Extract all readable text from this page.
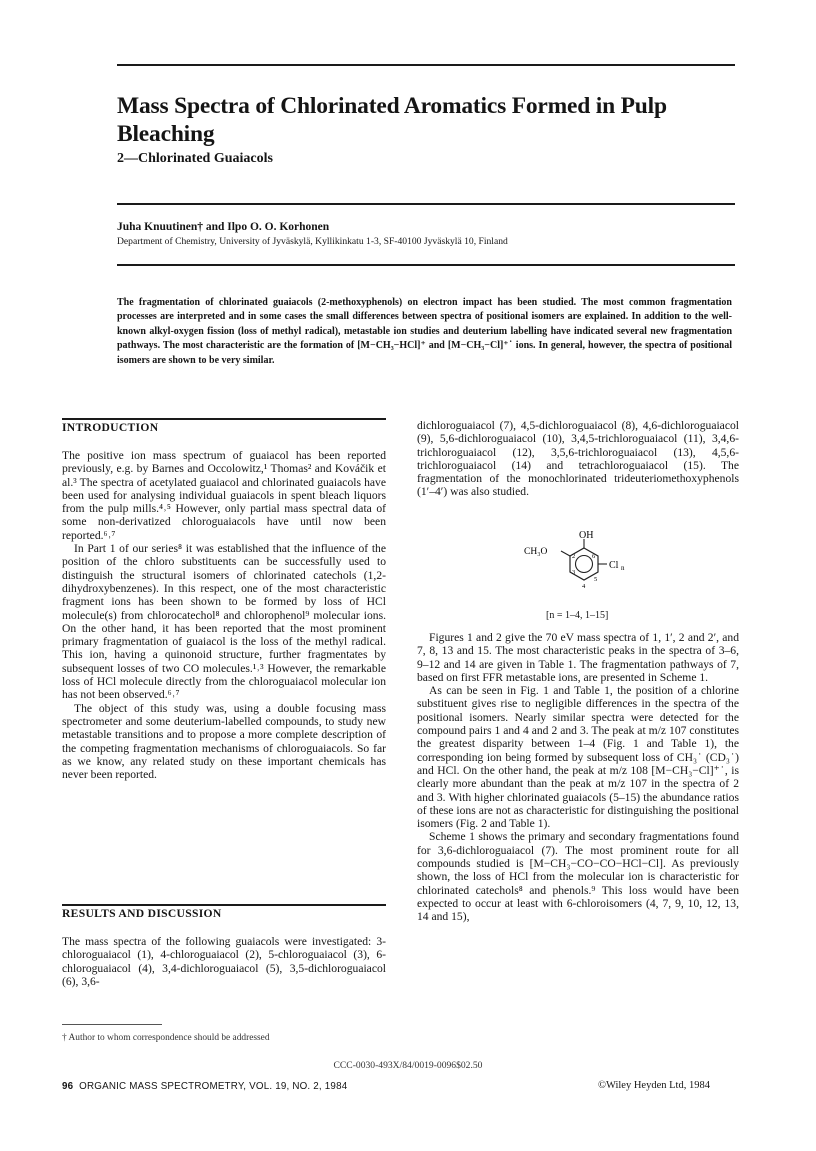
Mass Spectra of Chlorinated Aromatics Formed in Pulp Bleaching
2—Chlorinated Guaiacols
Juha Knuutinen† and Ilpo O. O. Korhonen
Department of Chemistry, University of Jyväskylä, Kyllikinkatu 1-3, SF-40100 Jyväskylä 10, Finland
The fragmentation of chlorinated guaiacols (2-methoxyphenols) on electron impact has been studied. The most common fragmentation processes are interpreted and in some cases the small differences between spectra of positional isomers are explained. In addition to the well-known alkyl-oxygen fission (loss of methyl radical), metastable ion studies and deuterium labelling have indicated several new fragmentation pathways. The most characteristic are the formation of [M−CH₃−HCl]⁺ and [M−CH₃−Cl]⁺˙ ions. In general, however, the spectra of positional isomers are shown to be very similar.
INTRODUCTION

The positive ion mass spectrum of guaiacol has been reported previously, e.g. by Barnes and Occolowitz,¹ Thomas² and Kováčik et al.³ The spectra of acetylated guaiacol and chlorinated guaiacols have been used for analysing individual guaiacols in spent bleach liquors from the pulp mills.⁴˒⁵ However, only partial mass spectral data of some non-derivatized chloroguaiacols have until now been reported.⁶˒⁷

In Part 1 of our series⁸ it was established that the influence of the position of the chloro substituents can be successfully used to distinguish the structural isomers of chlorinated catechols (1,2-dihydroxybenzenes). In this respect, one of the most characteristic fragment ions has been shown to be formed by loss of HCl molecule(s) from chlorocatechol⁸ and chlorophenol⁹ molecular ions. On the other hand, it has been reported that the most prominent primary fragmentation of guaiacol is the loss of the methyl radical. This ion, having a quinonoid structure, further fragmentates by subsequent losses of two CO molecules.¹˒³ However, the remarkable loss of HCl molecule directly from the chloroguaiacol molecular ion has not been observed.⁶˒⁷

The object of this study was, using a double focusing mass spectrometer and some deuterium-labelled compounds, to study new metastable transitions and to propose a more complete description of the competing fragmentation mechanisms of chloroguaiacols. So far as we know, any related study on these important chemicals has never been reported.

RESULTS AND DISCUSSION

The mass spectra of the following guaiacols were investigated: 3-chloroguaiacol (1), 4-chloroguaiacol (2), 5-chloroguaiacol (3), 6-chloroguaiacol (4), 3,4-dichloroguaiacol (5), 3,5-dichloroguaiacol (6), 3,6-

† Author to whom correspondence should be addressed

dichloroguaiacol (7), 4,5-dichloroguaiacol (8), 4,6-dichloroguaiacol (9), 5,6-dichloroguaiacol (10), 3,4,5-trichloroguaiacol (11), 3,4,6-trichloroguaiacol (12), 3,5,6-trichloroguaiacol (13), 4,5,6-trichloroguaiacol (14) and tetrachloroguaiacol (15). The fragmentation of the monochlorinated trideuteriomethoxyphenols (1′–4′) was also studied.

OH
CH₃O
Cl n
2
3
4
5
6
[n = 1–4, 1–15]

Figures 1 and 2 give the 70 eV mass spectra of 1, 1′, 2 and 2′, and 7, 8, 13 and 15. The most characteristic peaks in the spectra of 3–6, 9–12 and 14 are given in Table 1. The fragmentation pathways of 7, based on first FFR metastable ions, are presented in Scheme 1.

As can be seen in Fig. 1 and Table 1, the position of a chlorine substituent gives rise to negligible differences in the spectra of the positional isomers. Nearly similar spectra were detected for the compound pairs 1 and 4 and 2 and 3. The peak at m/z 107 constitutes the greatest disparity between 1–4 (Fig. 1 and Table 1), the corresponding ion being formed by subsequent loss of CH₃˙ (CD₃˙) and HCl. On the other hand, the peak at m/z 108 [M−CH₃−Cl]⁺˙, is clearly more abundant than the peak at m/z 107 in the spectra of 2 and 3. With higher chlorinated guaiacols (5–15) the abundance ratios of these ions are not as characteristic for distinguishing the positional isomers (Fig. 2 and Table 1).

Scheme 1 shows the primary and secondary fragmentations found for 3,6-dichloroguaiacol (7). The most prominent route for all compounds studied is [M−CH₃−CO−CO−HCl−Cl]. As previously shown, the loss of HCl from the molecular ion is characteristic for chlorinated catechols⁸ and phenols.⁹ This loss would have been expected to occur at least with 6-chloroisomers (4, 7, 9, 10, 12, 13, 14 and 15),

CCC-0030-493X/84/0019-0096$02.50
96 ORGANIC MASS SPECTROMETRY, VOL. 19, NO. 2, 1984	©Wiley Heyden Ltd, 1984
